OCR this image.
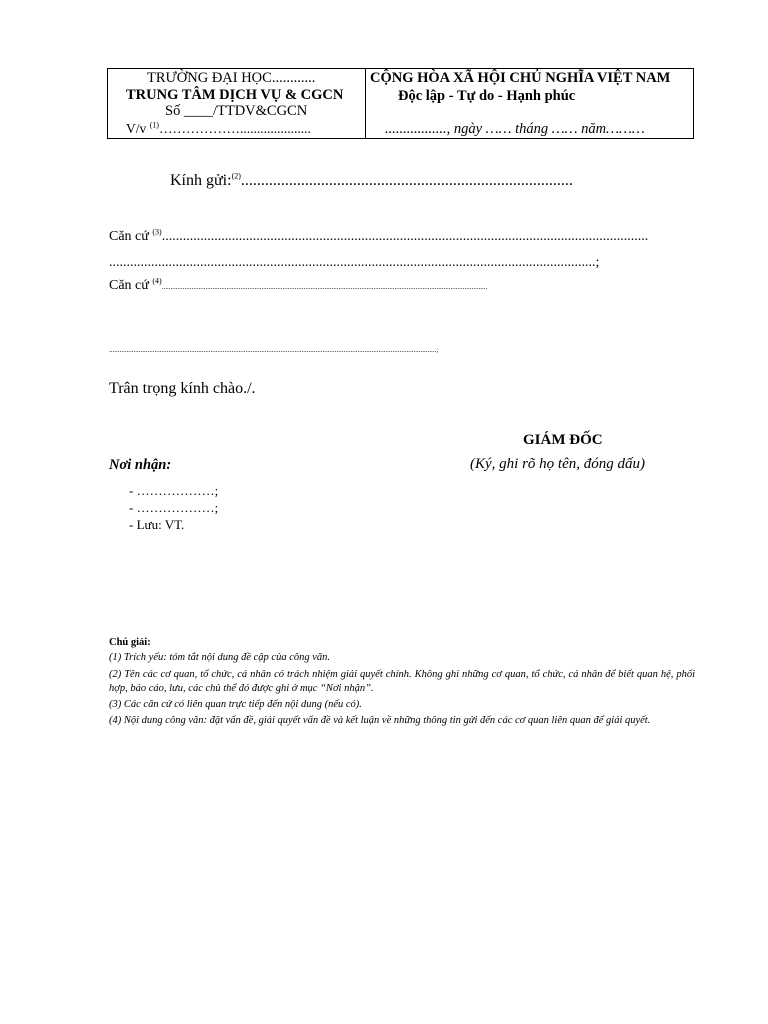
TRƯỜNG ĐẠI HỌC............
TRUNG TÂM DỊCH VỤ & CGCN
Số ____/TTDV&CGCN
V/v $^{(1)}$……………….....................
CỘNG HÒA XÃ HỘI CHỦ NGHĨA VIỆT NAM
Độc lập - Tự do - Hạnh phúc
................., ngày …… tháng …… năm………
Kính gửi:$^{(2)}$...................................................................................
Căn cứ $^{(3)}$...........................................................................................................................................
...........................................................................................................................................;
Căn cứ $^{(4)}$..........................................................................................................................................................................................
...........................................................................................................................................................................................;
Trân trọng kính chào./.
GIÁM ĐỐC
(Ký, ghi rõ họ tên, đóng dấu)
Nơi nhận:
- ………………;
- ………………;
- Lưu: VT.
Chú giải:
(1) Trích yếu: tóm tắt nội dung đề cập của công văn.
(2) Tên các cơ quan, tổ chức, cá nhân có trách nhiệm giải quyết chính. Không ghi những cơ quan, tổ chức, cá nhân để biết quan hệ, phối hợp, báo cáo, lưu, các chủ thể đó được ghi ở mục “Nơi nhận”.
(3) Các căn cứ có liên quan trực tiếp đến nội dung (nếu có).
(4) Nội dung công văn: đặt vấn đề, giải quyết vấn đề và kết luận về những thông tin gửi đến các cơ quan liên quan để giải quyết.
